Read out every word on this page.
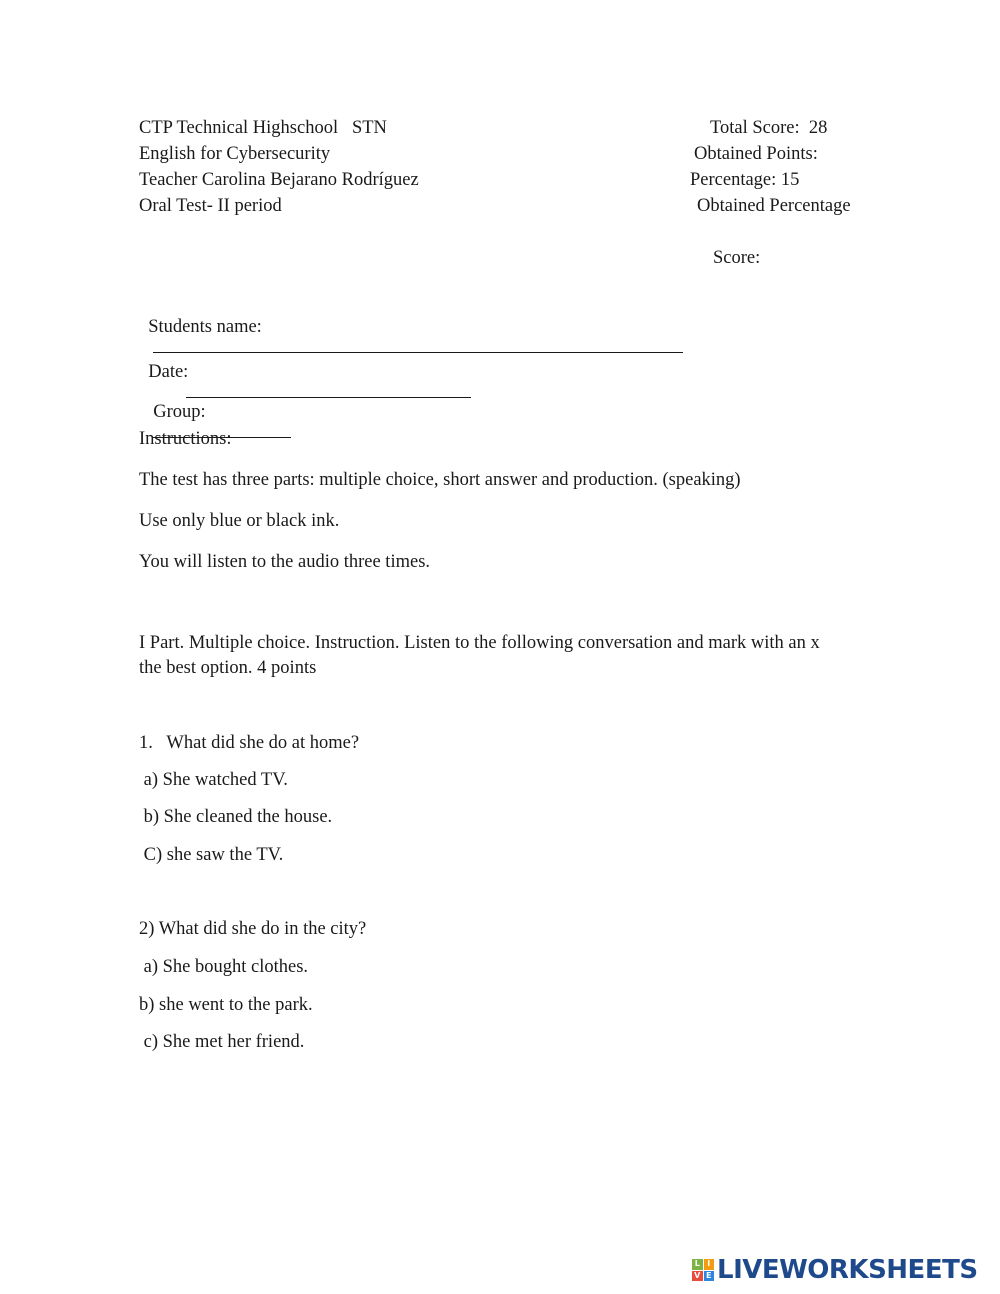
CTP Technical Highschool   STN
English for Cybersecurity
Teacher Carolina Bejarano Rodríguez
Oral Test- II period
Total Score:  28
Obtained Points:
Percentage: 15
Obtained Percentage
Score:

Students name:

Date:

Group:

Instructions:
The test has three parts: multiple choice, short answer and production. (speaking)
Use only blue or black ink.
You will listen to the audio three times.
I Part. Multiple choice. Instruction. Listen to the following conversation and mark with an x
the best option. 4 points
1.   What did she do at home?
a) She watched TV.
b) She cleaned the house.
C) she saw the TV.
2) What did she do in the city?
a) She bought clothes.
b) she went to the park.
c) She met her friend.
L I
V E LIVEWORKSHEETS
